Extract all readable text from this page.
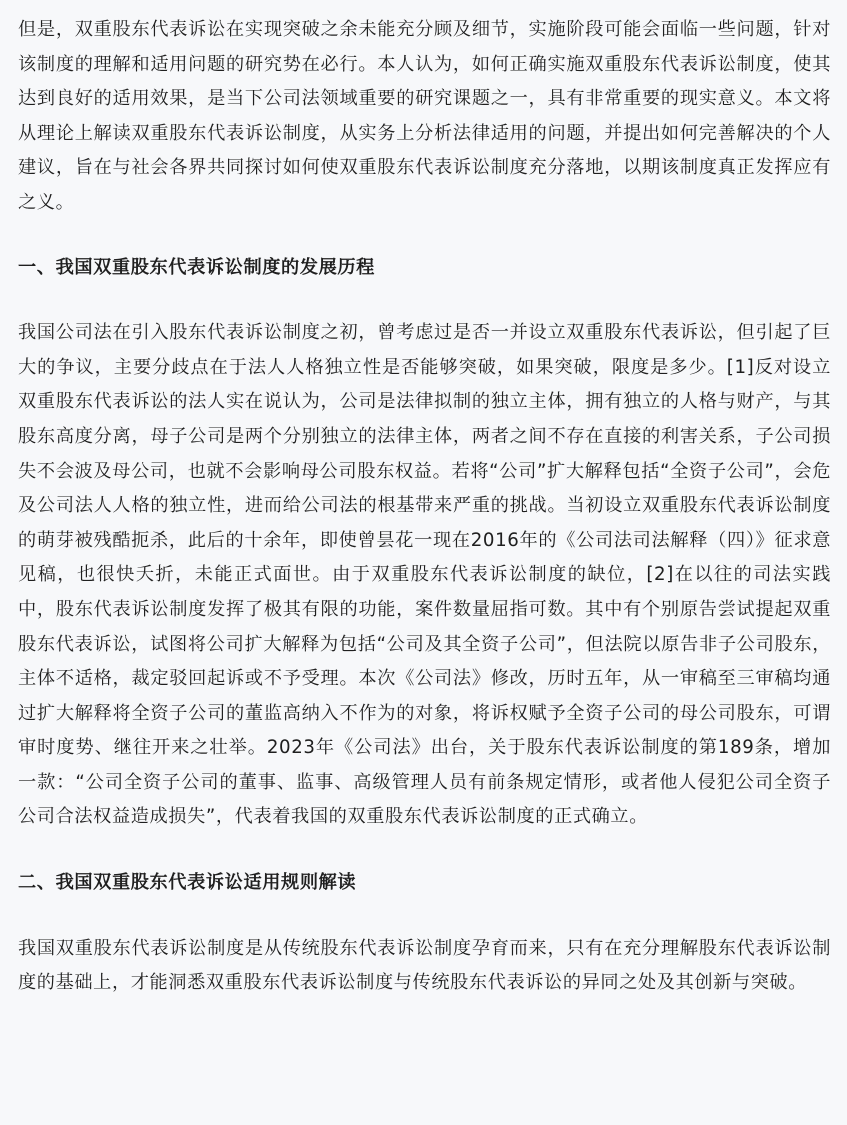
但是，双重股东代表诉讼在实现突破之余未能充分顾及细节，实施阶段可能会面临一些问题，针对该制度的理解和适用问题的研究势在必行。本人认为，如何正确实施双重股东代表诉讼制度，使其达到良好的适用效果，是当下公司法领域重要的研究课题之一，具有非常重要的现实意义。本文将从理论上解读双重股东代表诉讼制度，从实务上分析法律适用的问题，并提出如何完善解决的个人建议，旨在与社会各界共同探讨如何使双重股东代表诉讼制度充分落地，以期该制度真正发挥应有之义。

一、我国双重股东代表诉讼制度的发展历程

我国公司法在引入股东代表诉讼制度之初，曾考虑过是否一并设立双重股东代表诉讼，但引起了巨大的争议，主要分歧点在于法人人格独立性是否能够突破，如果突破，限度是多少。[1]反对设立双重股东代表诉讼的法人实在说认为，公司是法律拟制的独立主体，拥有独立的人格与财产，与其股东高度分离，母子公司是两个分别独立的法律主体，两者之间不存在直接的利害关系，子公司损失不会波及母公司，也就不会影响母公司股东权益。若将“公司”扩大解释包括“全资子公司”，会危及公司法人人格的独立性，进而给公司法的根基带来严重的挑战。当初设立双重股东代表诉讼制度的萌芽被残酷扼杀，此后的十余年，即使曾昙花一现在2016年的《公司法司法解释（四）》征求意见稿，也很快夭折，未能正式面世。由于双重股东代表诉讼制度的缺位，[2]在以往的司法实践中，股东代表诉讼制度发挥了极其有限的功能，案件数量屈指可数。其中有个别原告尝试提起双重股东代表诉讼，试图将公司扩大解释为包括“公司及其全资子公司”，但法院以原告非子公司股东，主体不适格，裁定驳回起诉或不予受理。本次《公司法》修改，历时五年，从一审稿至三审稿均通过扩大解释将全资子公司的董监高纳入不作为的对象，将诉权赋予全资子公司的母公司股东，可谓审时度势、继往开来之壮举。2023年《公司法》出台，关于股东代表诉讼制度的第189条，增加一款：“公司全资子公司的董事、监事、高级管理人员有前条规定情形，或者他人侵犯公司全资子公司合法权益造成损失”，代表着我国的双重股东代表诉讼制度的正式确立。

二、我国双重股东代表诉讼适用规则解读

我国双重股东代表诉讼制度是从传统股东代表诉讼制度孕育而来，只有在充分理解股东代表诉讼制度的基础上，才能洞悉双重股东代表诉讼制度与传统股东代表诉讼的异同之处及其创新与突破。
